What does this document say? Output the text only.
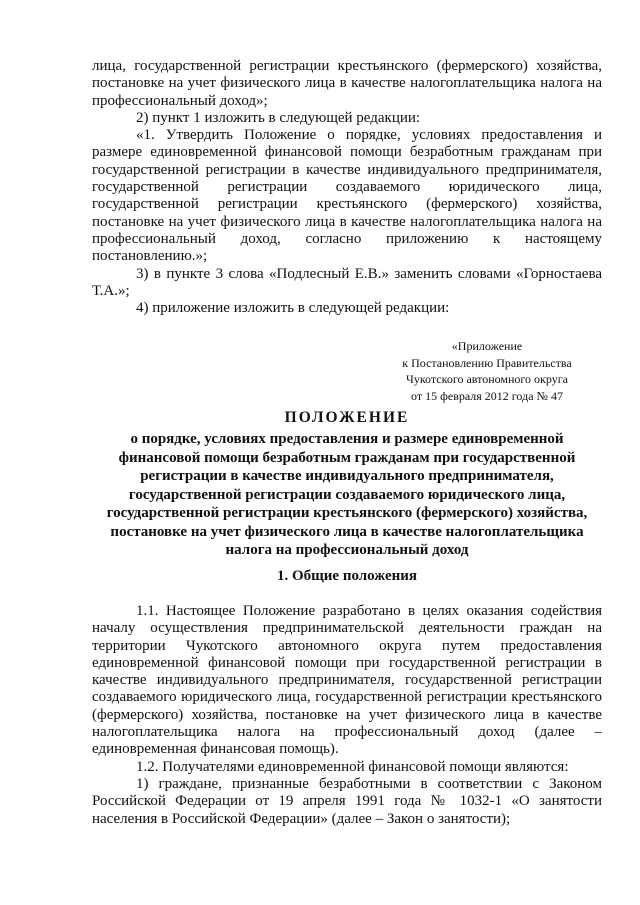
лица, государственной регистрации крестьянского (фермерского) хозяйства,

постановке на учет физического лица в качестве налогоплательщика налога на

профессиональный доход»;

2) пункт 1 изложить в следующей редакции:

«1. Утвердить Положение о порядке, условиях предоставления и размере единовременной финансовой помощи безработным гражданам при государственной регистрации в качестве индивидуального предпринимателя, государственной регистрации создаваемого юридического лица, государственной регистрации крестьянского (фермерского) хозяйства, постановке на учет физического лица в качестве налогоплательщика налога на профессиональный доход, согласно приложению к настоящему постановлению.»;

3) в пункте 3 слова «Подлесный Е.В.» заменить словами «Горностаева Т.А.»;

4) приложение изложить в следующей редакции:

«Приложение
к Постановлению Правительства
Чукотского автономного округа
от 15 февраля 2012 года № 47
ПОЛОЖЕНИЕ
о порядке, условиях предоставления и размере единовременной финансовой помощи безработным гражданам при государственной регистрации в качестве индивидуального предпринимателя, государственной регистрации создаваемого юридического лица, государственной регистрации крестьянского (фермерского) хозяйства, постановке на учет физического лица в качестве налогоплательщика налога на профессиональный доход
1. Общие положения

1.1. Настоящее Положение разработано в целях оказания содействия началу осуществления предпринимательской деятельности граждан на территории Чукотского автономного округа путем предоставления единовременной финансовой помощи при государственной регистрации в качестве индивидуального предпринимателя, государственной регистрации создаваемого юридического лица, государственной регистрации крестьянского (фермерского) хозяйства, постановке на учет физического лица в качестве налогоплательщика налога на профессиональный доход (далее – единовременная финансовая помощь).

1.2. Получателями единовременной финансовой помощи являются:

1) граждане, признанные безработными в соответствии с Законом Российской Федерации от 19 апреля 1991 года № 1032-1 «О занятости населения в Российской Федерации» (далее – Закон о занятости);
